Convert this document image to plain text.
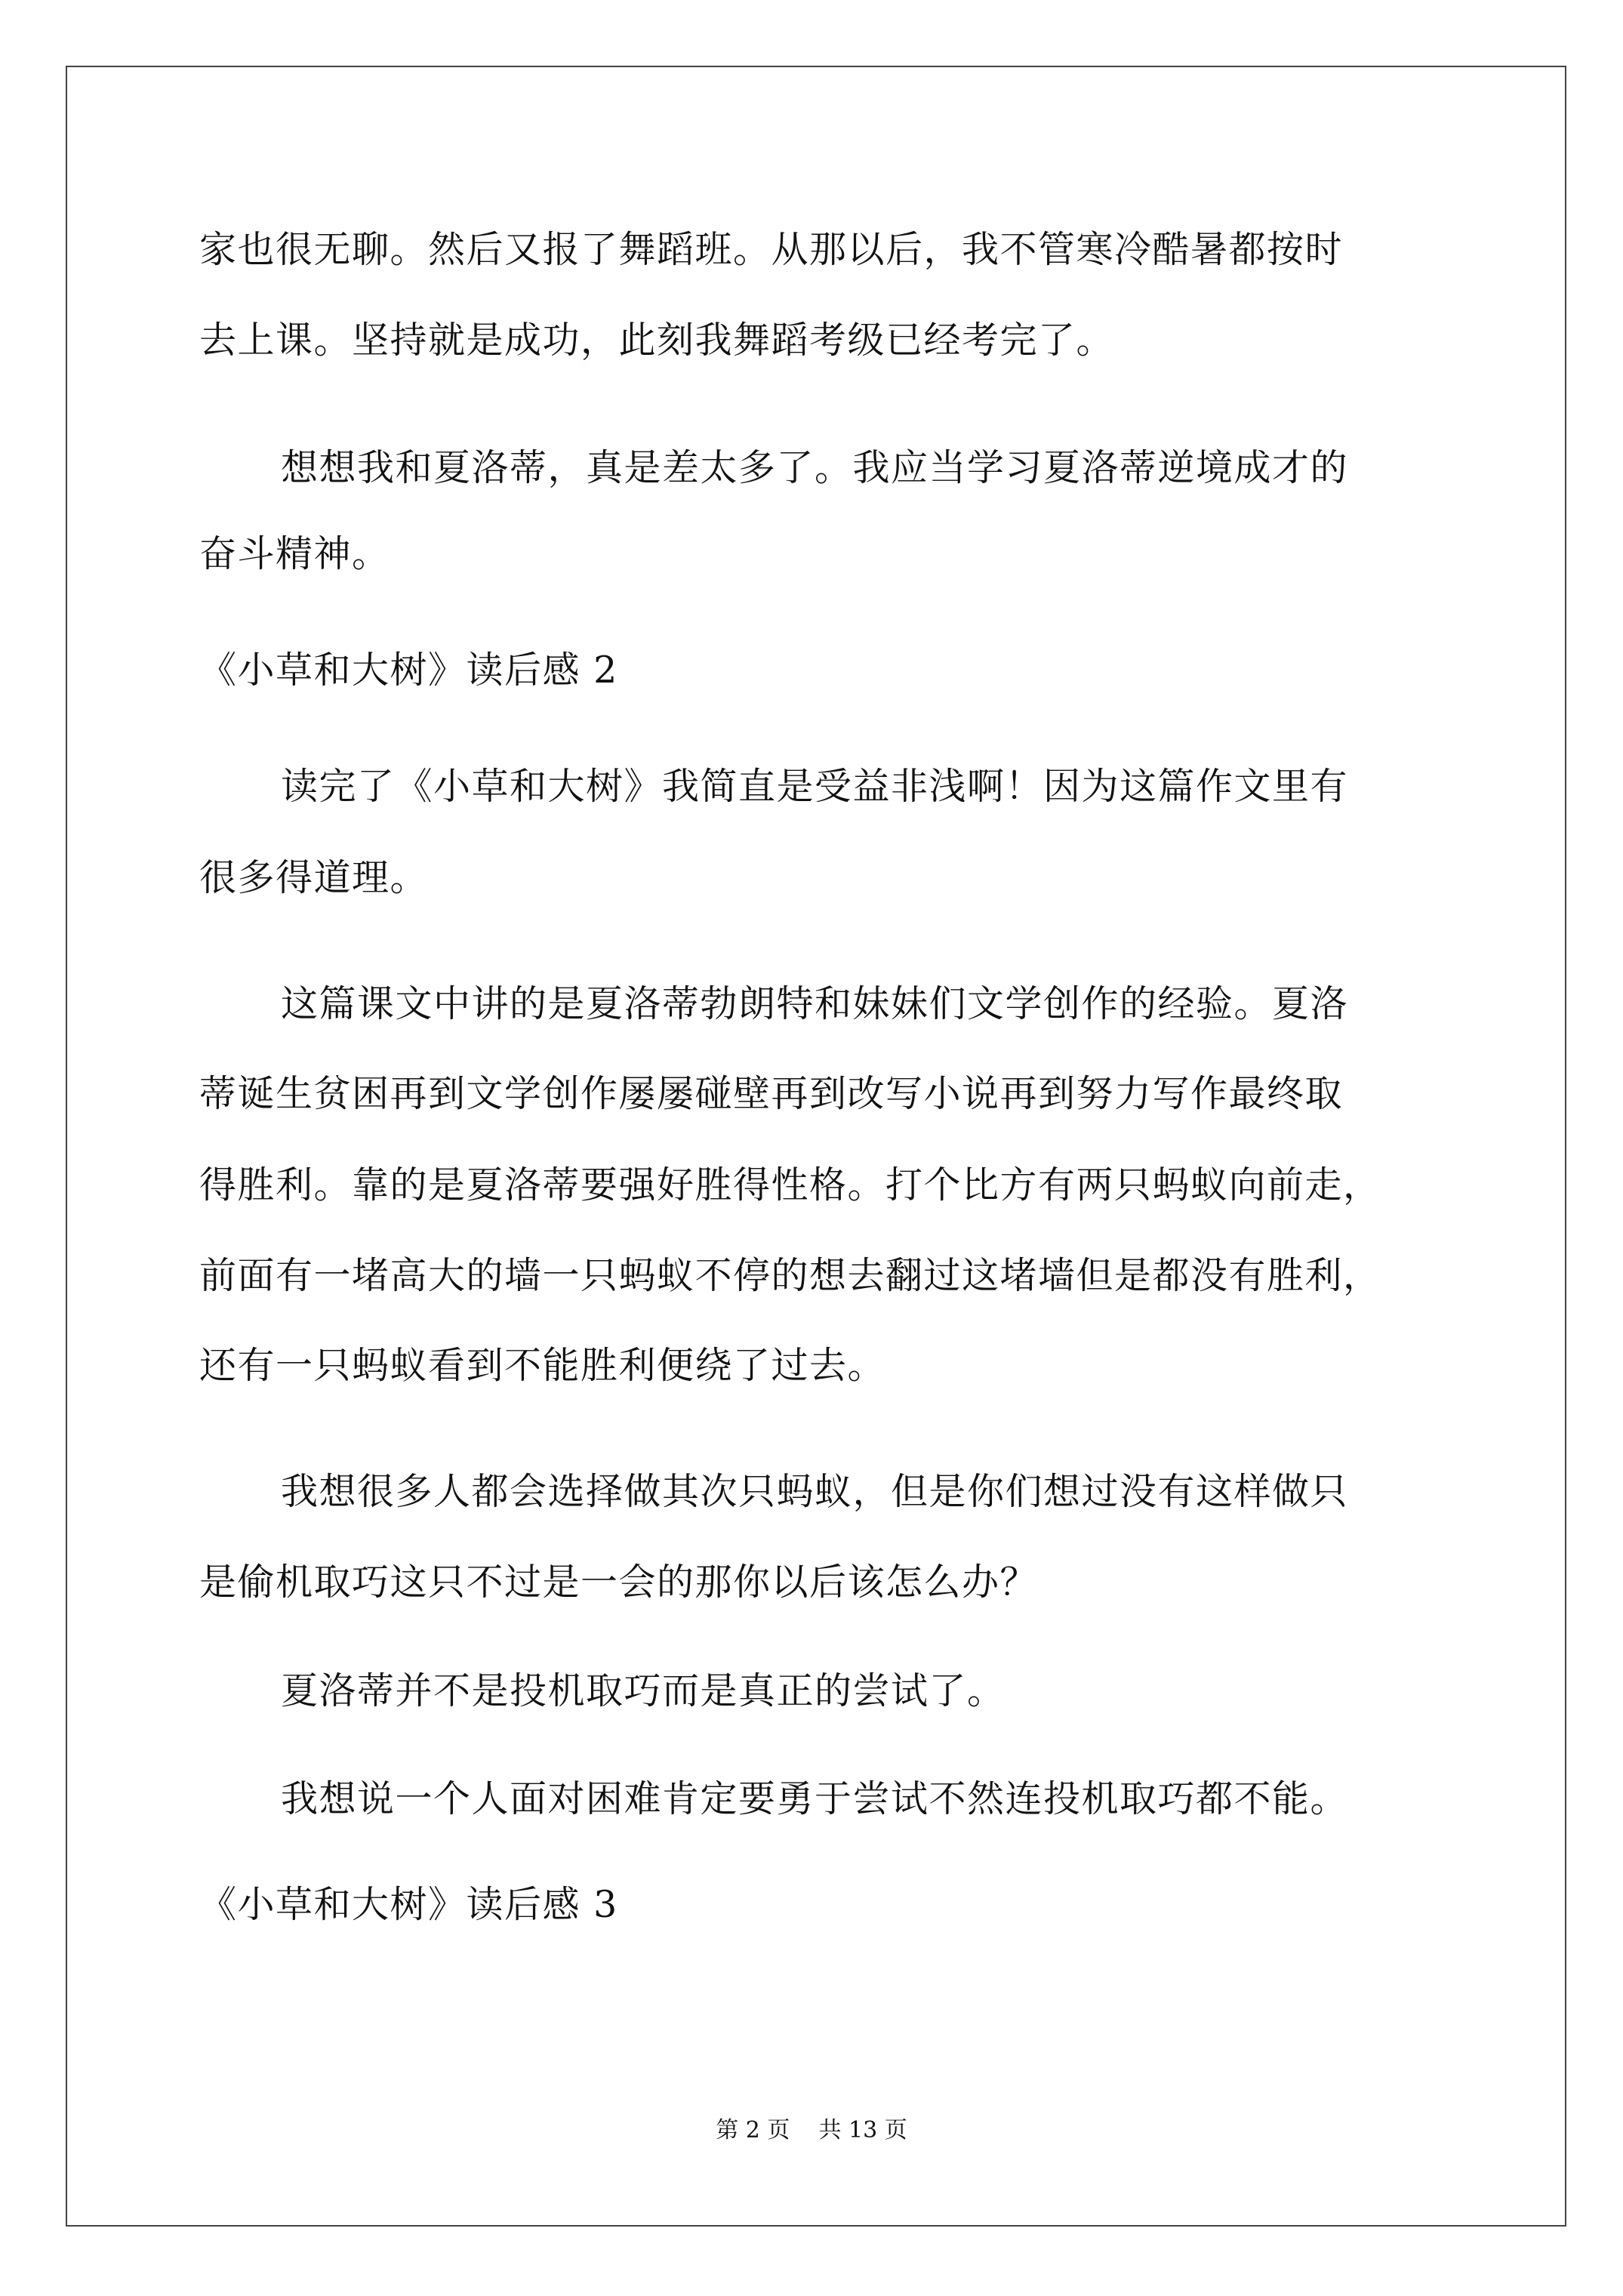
家也很无聊。然后又报了舞蹈班。从那以后，我不管寒冷酷暑都按时
去上课。坚持就是成功，此刻我舞蹈考级已经考完了。
想想我和夏洛蒂，真是差太多了。我应当学习夏洛蒂逆境成才的
奋斗精神。
《小草和大树》读后感 2
读完了《小草和大树》我简直是受益非浅啊！因为这篇作文里有
很多得道理。
这篇课文中讲的是夏洛蒂勃朗特和妹妹们文学创作的经验。夏洛
蒂诞生贫困再到文学创作屡屡碰壁再到改写小说再到努力写作最终取
得胜利。靠的是夏洛蒂要强好胜得性格。打个比方有两只蚂蚁向前走，
前面有一堵高大的墙一只蚂蚁不停的想去翻过这堵墙但是都没有胜利，
还有一只蚂蚁看到不能胜利便绕了过去。
我想很多人都会选择做其次只蚂蚁，但是你们想过没有这样做只
是偷机取巧这只不过是一会的那你以后该怎么办？
夏洛蒂并不是投机取巧而是真正的尝试了。
我想说一个人面对困难肯定要勇于尝试不然连投机取巧都不能。
《小草和大树》读后感 3
第 2 页    共 13 页
